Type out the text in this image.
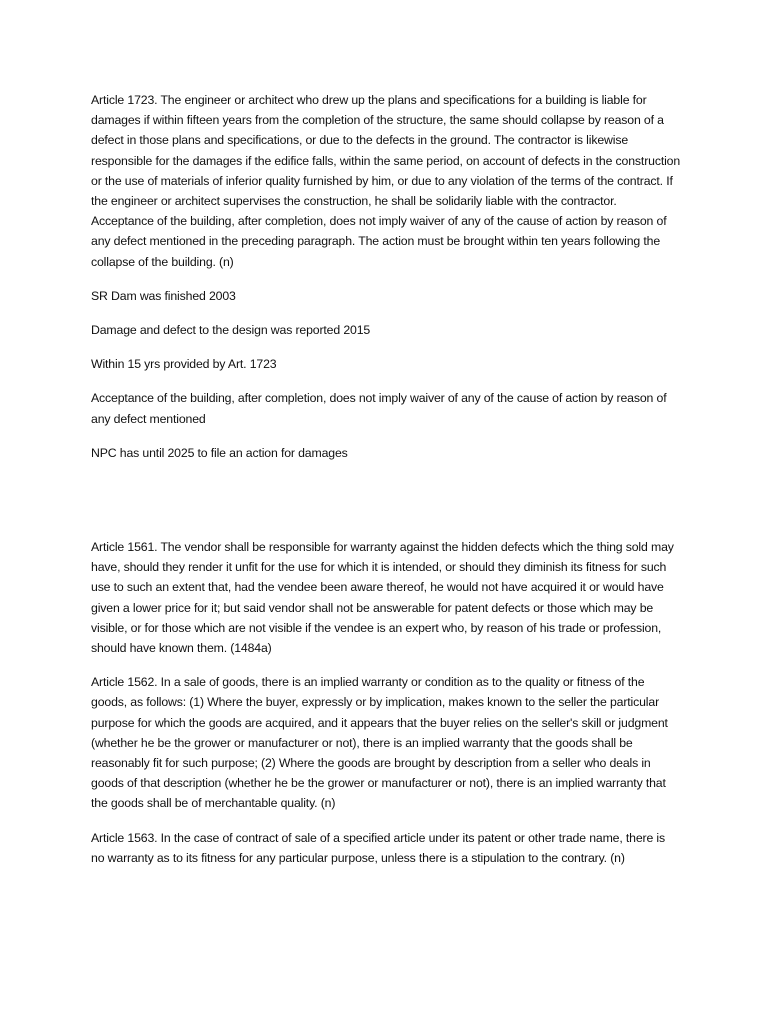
Article 1723. The engineer or architect who drew up the plans and specifications for a building is liable for damages if within fifteen years from the completion of the structure, the same should collapse by reason of a defect in those plans and specifications, or due to the defects in the ground. The contractor is likewise responsible for the damages if the edifice falls, within the same period, on account of defects in the construction or the use of materials of inferior quality furnished by him, or due to any violation of the terms of the contract. If the engineer or architect supervises the construction, he shall be solidarily liable with the contractor. Acceptance of the building, after completion, does not imply waiver of any of the cause of action by reason of any defect mentioned in the preceding paragraph. The action must be brought within ten years following the collapse of the building. (n)

SR Dam was finished 2003

Damage and defect to the design was reported 2015

Within 15 yrs provided by Art. 1723

Acceptance of the building, after completion, does not imply waiver of any of the cause of action by reason of any defect mentioned

NPC has until 2025 to file an action for damages

Article 1561. The vendor shall be responsible for warranty against the hidden defects which the thing sold may have, should they render it unfit for the use for which it is intended, or should they diminish its fitness for such use to such an extent that, had the vendee been aware thereof, he would not have acquired it or would have given a lower price for it; but said vendor shall not be answerable for patent defects or those which may be visible, or for those which are not visible if the vendee is an expert who, by reason of his trade or profession, should have known them. (1484a)

Article 1562. In a sale of goods, there is an implied warranty or condition as to the quality or fitness of the goods, as follows: (1) Where the buyer, expressly or by implication, makes known to the seller the particular purpose for which the goods are acquired, and it appears that the buyer relies on the seller's skill or judgment (whether he be the grower or manufacturer or not), there is an implied warranty that the goods shall be reasonably fit for such purpose; (2) Where the goods are brought by description from a seller who deals in goods of that description (whether he be the grower or manufacturer or not), there is an implied warranty that the goods shall be of merchantable quality. (n)

Article 1563. In the case of contract of sale of a specified article under its patent or other trade name, there is no warranty as to its fitness for any particular purpose, unless there is a stipulation to the contrary. (n)
